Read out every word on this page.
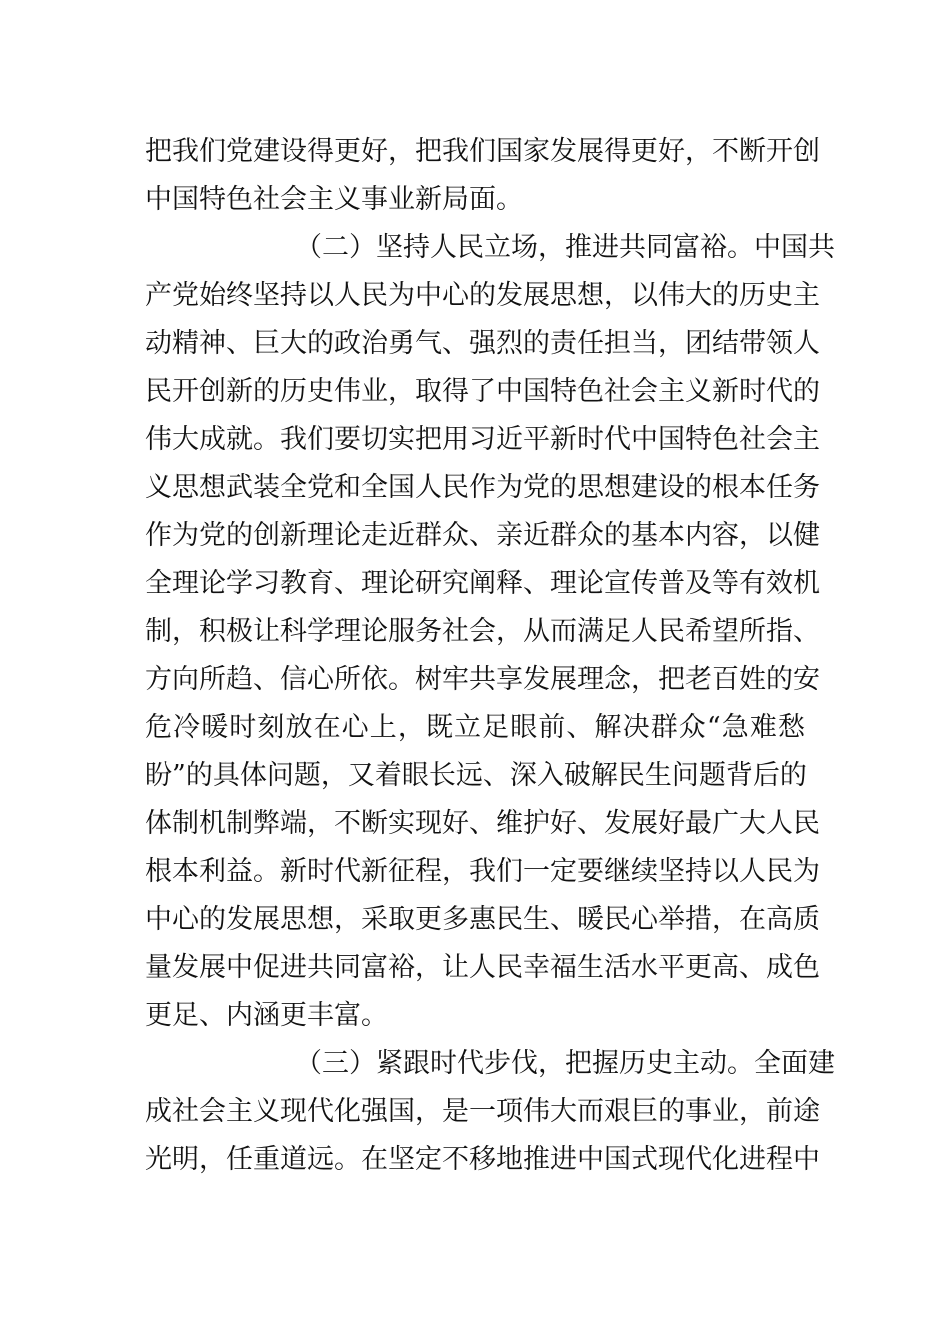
把 我 们 党 建 设 得 更 好 ， 把 我 们 国 家 发 展 得 更 好 ， 不 断 开 创
中国特色社会主义事业新局面。
（二）坚持人民立场，推进共同富裕。中国共
产 党 始 终 坚 持 以 人 民 为 中 心 的 发 展 思 想 ， 以 伟 大 的 历 史 主
动 精 神 、 巨 大 的 政 治 勇 气 、 强 烈 的 责 任 担 当 ， 团 结 带 领 人
民 开 创 新 的 历 史 伟 业 ， 取 得 了 中 国 特 色 社 会 主 义 新 时 代 的
伟 大 成 就 。 我 们 要 切 实 把 用 习 近 平 新 时 代 中 国 特 色 社 会 主
义 思 想 武 装 全 党 和 全 国 人 民 作 为 党 的 思 想 建 设 的 根 本 任 务
作 为 党 的 创 新 理 论 走 近 群 众 、 亲 近 群 众 的 基 本 内 容 ， 以 健
全 理 论 学 习 教 育 、 理 论 研 究 阐 释 、 理 论 宣 传 普 及 等 有 效 机
制 ， 积 极 让 科 学 理 论 服 务 社 会 ， 从 而 满 足 人 民 希 望 所 指 、
方 向 所 趋 、 信 心 所 依 。 树 牢 共 享 发 展 理 念 ， 把 老 百 姓 的 安
危 冷 暖 时 刻 放 在 心 上 ， 既 立 足 眼 前 、 解 决 群 众 “ 急 难 愁
盼 ” 的 具 体 问 题 ， 又 着 眼 长 远 、 深 入 破 解 民 生 问 题 背 后 的
体 制 机 制 弊 端 ， 不 断 实 现 好 、 维 护 好 、 发 展 好 最 广 大 人 民
根 本 利 益 。 新 时 代 新 征 程 ， 我 们 一 定 要 继 续 坚 持 以 人 民 为
中 心 的 发 展 思 想 ， 采 取 更 多 惠 民 生 、 暖 民 心 举 措 ， 在 高 质
量 发 展 中 促 进 共 同 富 裕 ， 让 人 民 幸 福 生 活 水 平 更 高 、 成 色
更足、内涵更丰富。
（三）紧跟时代步伐，把握历史主动。全面建
成 社 会 主 义 现 代 化 强 国 ， 是 一 项 伟 大 而 艰 巨 的 事 业 ， 前 途
光 明 ， 任 重 道 远 。 在 坚 定 不 移 地 推 进 中 国 式 现 代 化 进 程 中
